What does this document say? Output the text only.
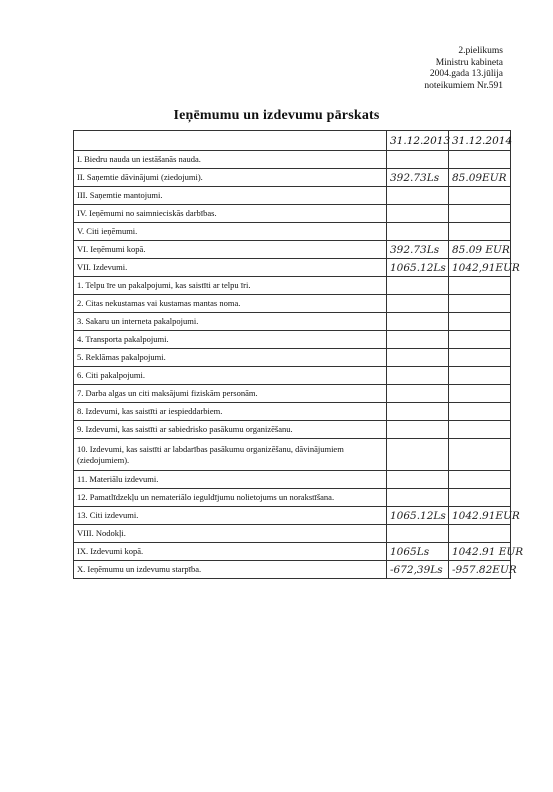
2.pielikums
Ministru kabineta
2004.gada 13.jūlija
noteikumiem Nr.591
Ieņēmumu un izdevumu pārskats
	31.12.2013	31.12.2014
I. Biedru nauda un iestāšanās nauda.		
II. Saņemtie dāvinājumi (ziedojumi).	392.73Ls	85.09EUR
III. Saņemtie mantojumi.		
IV. Ieņēmumi no saimnieciskās darbības.		
V. Citi ieņēmumi.		
VI. Ieņēmumi kopā.	392.73Ls	85.09 EUR
VII. Izdevumi.	1065.12Ls	1042,91EUR
1. Telpu īre un pakalpojumi, kas saistīti ar telpu īri.		
2. Citas nekustamas vai kustamas mantas noma.		
3. Sakaru un interneta pakalpojumi.		
4. Transporta pakalpojumi.		
5. Reklāmas pakalpojumi.		
6. Citi pakalpojumi.		
7. Darba algas un citi maksājumi fiziskām personām.		
8. Izdevumi, kas saistīti ar iespieddarbiem.		
9. Izdevumi, kas saistīti ar sabiedrisko pasākumu organizēšanu.		
10. Izdevumi, kas saistīti ar labdarības pasākumu organizēšanu, dāvinājumiem (ziedojumiem).		
11. Materiālu izdevumi.		
12. Pamatlīdzekļu un nemateriālo ieguldījumu nolietojums un norakstīšana.		
13. Citi izdevumi.	1065.12Ls	1042.91EUR
VIII. Nodokļi.		
IX. Izdevumi kopā.	1065Ls	1042.91 EUR
X. Ieņēmumu un izdevumu starpība.	-672,39Ls	-957.82EUR
